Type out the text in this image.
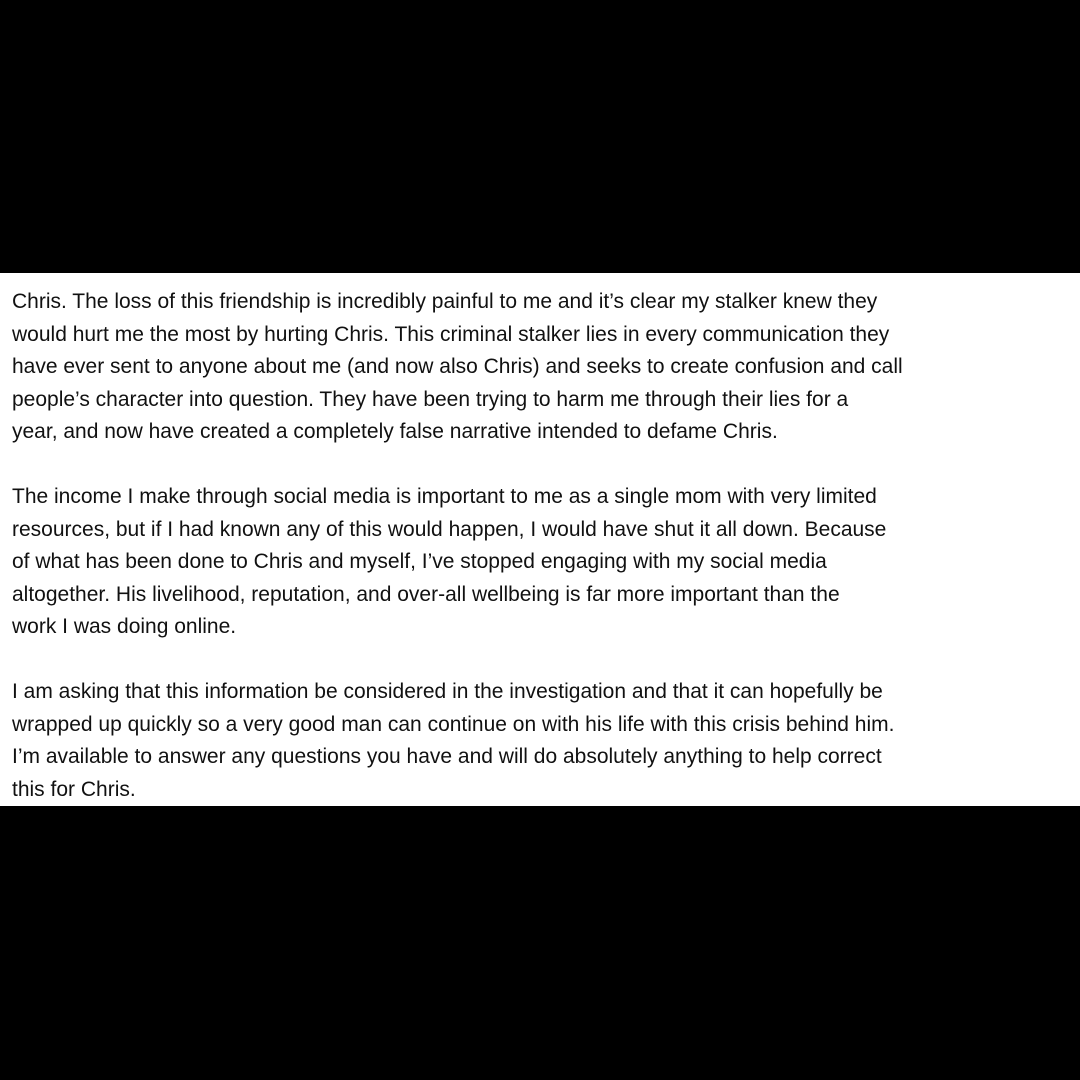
Chris. The loss of this friendship is incredibly painful to me and it’s clear my stalker knew they
would hurt me the most by hurting Chris. This criminal stalker lies in every communication they
have ever sent to anyone about me (and now also Chris) and seeks to create confusion and call
people’s character into question. They have been trying to harm me through their lies for a
year, and now have created a completely false narrative intended to defame Chris.

The income I make through social media is important to me as a single mom with very limited
resources, but if I had known any of this would happen, I would have shut it all down. Because
of what has been done to Chris and myself, I’ve stopped engaging with my social media
altogether. His livelihood, reputation, and over-all wellbeing is far more important than the
work I was doing online.

I am asking that this information be considered in the investigation and that it can hopefully be
wrapped up quickly so a very good man can continue on with his life with this crisis behind him.
I’m available to answer any questions you have and will do absolutely anything to help correct
this for Chris.
